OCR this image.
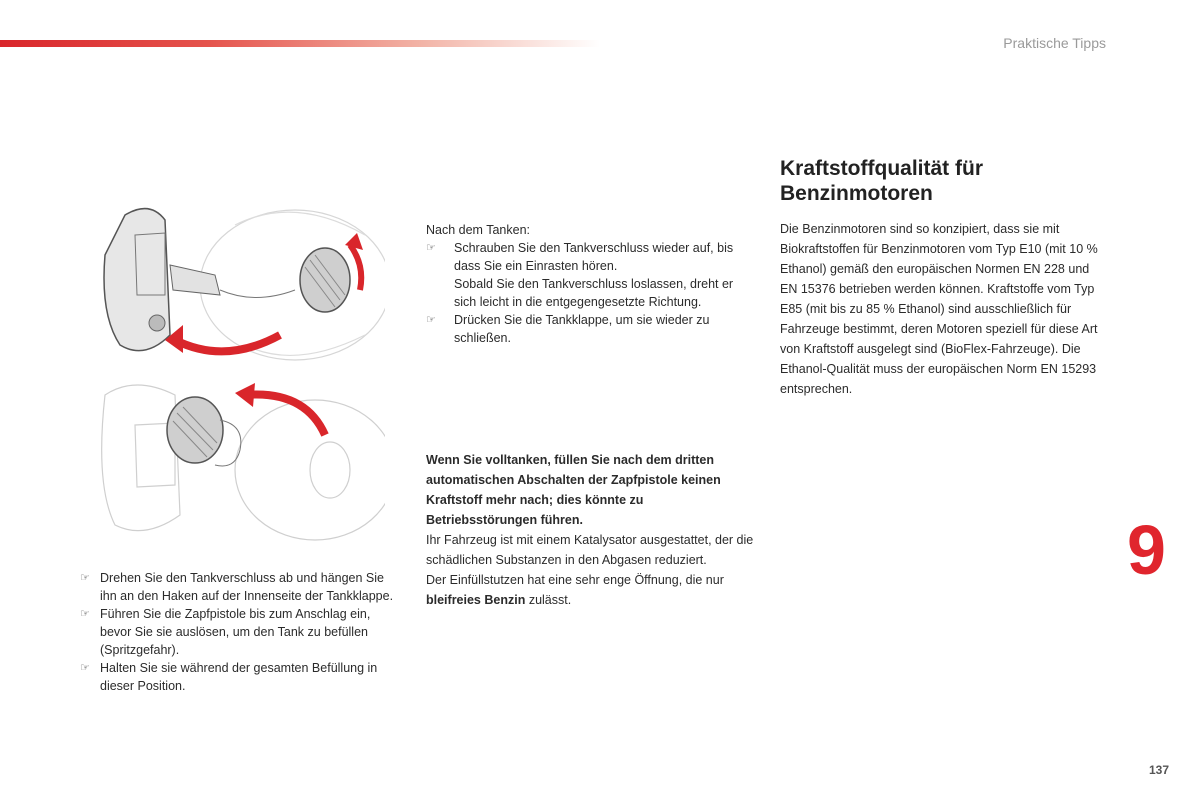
Praktische Tipps
☞ Drehen Sie den Tankverschluss ab und hängen Sie ihn an den Haken auf der Innenseite der Tankklappe.
☞ Führen Sie die Zapfpistole bis zum Anschlag ein, bevor Sie sie auslösen, um den Tank zu befüllen (Spritzgefahr).
☞ Halten Sie sie während der gesamten Befüllung in dieser Position.
Nach dem Tanken:
☞ Schrauben Sie den Tankverschluss wieder auf, bis dass Sie ein Einrasten hören.
Sobald Sie den Tankverschluss loslassen, dreht er sich leicht in die entgegengesetzte Richtung.
☞ Drücken Sie die Tankklappe, um sie wieder zu schließen.
Wenn Sie volltanken, füllen Sie nach dem dritten automatischen Abschalten der Zapfpistole keinen Kraftstoff mehr nach; dies könnte zu Betriebsstörungen führen.
Ihr Fahrzeug ist mit einem Katalysator ausgestattet, der die schädlichen Substanzen in den Abgasen reduziert.
Der Einfüllstutzen hat eine sehr enge Öffnung, die nur bleifreies Benzin zulässt.
Kraftstoffqualität für Benzinmotoren
Die Benzinmotoren sind so konzipiert, dass sie mit Biokraftstoffen für Benzinmotoren vom Typ E10 (mit 10 % Ethanol) gemäß den europäischen Normen EN 228 und EN 15376 betrieben werden können. Kraftstoffe vom Typ E85 (mit bis zu 85 % Ethanol) sind ausschließlich für Fahrzeuge bestimmt, deren Motoren speziell für diese Art von Kraftstoff ausgelegt sind (BioFlex-Fahrzeuge). Die Ethanol-Qualität muss der europäischen Norm EN 15293 entsprechen.
9
137
